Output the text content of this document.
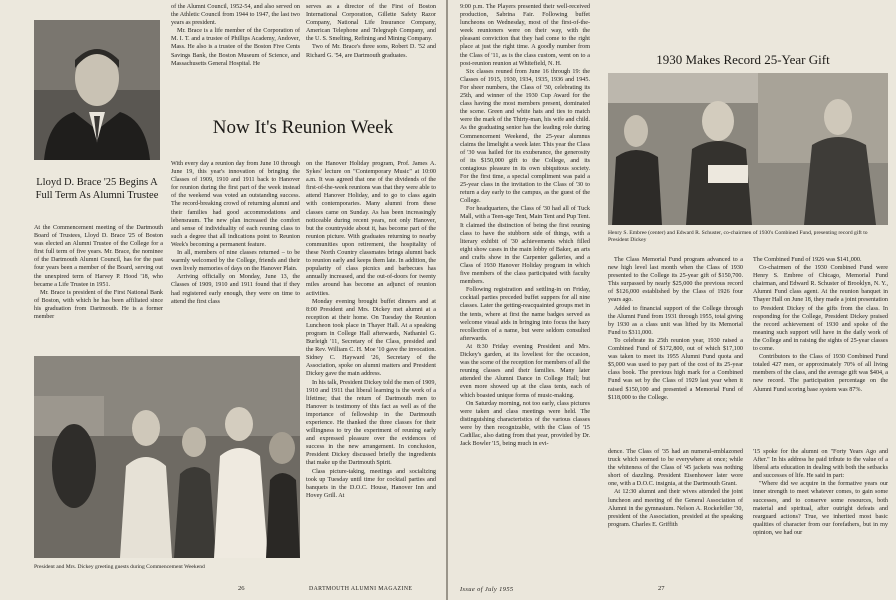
Lloyd D. Brace '25 Begins A Full Term As Alumni Trustee

At the Commencement meeting of the Dartmouth Board of Trustees, Lloyd D. Brace '25 of Boston was elected an Alumni Trustee of the College for a first full term of five years. Mr. Brace, the nominee of the Dartmouth Alumni Council, has for the past four years been a member of the Board, serving out the unexpired term of Harvey P. Hood '18, who became a Life Trustee in 1951.

Mr. Brace is president of the First National Bank of Boston, with which he has been affiliated since his graduation from Dartmouth. He is a former member

of the Alumni Council, 1952-54, and also served on the Athletic Council from 1944 to 1947, the last two years as president.

Mr. Brace is a life member of the Corporation of M. I. T. and a trustee of Phillips Academy, Andover, Mass. He also is a trustee of the Boston Five Cents Savings Bank, the Boston Museum of Science, and Massachusetts General Hospital. He

serves as a director of the First of Boston International Corporation, Gillette Safety Razor Company, National Life Insurance Company, American Telephone and Telegraph Company, and the U. S. Smelting, Refining and Mining Company.

Two of Mr. Brace's three sons, Robert D. '52 and Richard G. '54, are Dartmouth graduates.

Now It's Reunion Week

With every day a reunion day from June 10 through June 19, this year's innovation of bringing the Classes of 1909, 1910 and 1911 back to Hanover for reunion during the first part of the week instead of the weekend was voted an outstanding success. The record-breaking crowd of returning alumni and their families had good accommodations and lebensraum. The new plan increased the comfort and sense of individuality of each reuning class to such a degree that all indications point to Reunion Week's becoming a permanent feature.

In all, members of nine classes returned – to be warmly welcomed by the College, friends and their own lively memories of days on the Hanover Plain.

Arriving officially on Monday, June 13, the Classes of 1909, 1910 and 1911 found that if they had registered early enough, they were on time to attend the first class

on the Hanover Holiday program, Prof. James A. Sykes' lecture on "Contemporary Music" at 10:00 a.m. It was agreed that one of the dividends of the first-of-the-week reunions was that they were able to attend Hanover Holiday, and to go to class again with contemporaries. Many alumni from these classes came on Sunday. As has been increasingly noticeable during recent years, not only Hanover, but the countryside about it, has become part of the reunion picture. With graduates returning to nearby communities upon retirement, the hospitality of these North Country classmates brings alumni back to reunion early and keeps them late. In addition, the popularity of class picnics and barbecues has annually increased, and the out-of-doors for twenty miles around has become an adjunct of reunion activities.

Monday evening brought buffet dinners and at 8:00 President and Mrs. Dickey met alumni at a reception at their home. On Tuesday the Reunion Luncheon took place in Thayer Hall. At a speaking program in College Hall afterwards, Nathaniel G. Burleigh '11, Secretary of the Class, presided and the Rev. William C. H. Moe '10 gave the invocation. Sidney C. Hayward '26, Secretary of the Association, spoke on alumni matters and President Dickey gave the main address.

In his talk, President Dickey told the men of 1909, 1910 and 1911 that liberal learning is the work of a lifetime; that the return of Dartmouth men to Hanover is testimony of this fact as well as of the importance of fellowship in the Dartmouth experience. He thanked the three classes for their willingness to try the experiment of reuning early and expressed pleasure over the evidences of success in the new arrangement. In conclusion, President Dickey discussed briefly the ingredients that make up the Dartmouth Spirit.

Class picture-taking, meetings and socializing took up Tuesday until time for cocktail parties and banquets in the D.O.C. House, Hanover Inn and Hovey Grill. At

President and Mrs. Dickey greeting guests during Commencement Weekend
26	DARTMOUTH ALUMNI MAGAZINE

9:00 p.m. The Players presented their well-received production, Sabrina Fair. Following buffet luncheons on Wednesday, most of the first-of-the-week reunioners were on their way, with the pleasant conviction that they had come to the right place at just the right time. A goodly number from the Class of '11, as is the class custom, went on to a post-reunion reunion at Whitefield, N. H.

Six classes reuned from June 16 through 19: the Classes of 1915, 1930, 1934, 1935, 1936 and 1945. For sheer numbers, the Class of '30, celebrating its 25th, and winner of the 1930 Cup Award for the class having the most members present, dominated the scene. Green and white hats and ties to match were the mark of the Thirty-man, his wife and child. As the graduating senior has the leading role during Commencement Weekend, the 25-year alumnus claims the limelight a week later. This year the Class of '30 was hailed for its exuberance, the generosity of its $150,000 gift to the College, and its contagious pleasure in its own ubiquitous society. For the first time, a special compliment was paid a 25-year class in the invitation to the Class of '30 to return a day early to the campus, as the guest of the College.

For headquarters, the Class of '30 had all of Tuck Mall, with a Teen-age Tent, Main Tent and Pup Tent. It claimed the distinction of being the first reuning class to have the stubborn side of things, with a literary exhibit of '30 achievements which filled eight show cases in the main lobby of Baker, an arts and crafts show in the Carpenter galleries, and a Class of 1930 Hanover Holiday program in which five members of the class participated with faculty members.

Following registration and settling-in on Friday, cocktail parties preceded buffet suppers for all nine classes. Later the getting-reacquainted groups met in the tents, where at first the name badges served as welcome visual aids in bringing into focus the hazy recollection of a name, but were seldom consulted afterwards.

At 8:30 Friday evening President and Mrs. Dickey's garden, at its loveliest for the occasion, was the scene of the reception for members of all the reuning classes and their families. Many later attended the Alumni Dance in College Hall; but even more showed up at the class tents, each of which boasted unique forms of music-making.

On Saturday morning, not too early, class pictures were taken and class meetings were held. The distinguishing characteristics of the various classes were by then recognizable, with the Class of '15 Cadillac, also dating from that year, provided by Dr. Jack Bowler '15, being much in evi-

1930 Makes Record 25-Year Gift
Henry S. Embree (center) and Edward R. Schuster, co-chairmen of 1930's Combined Fund, presenting record gift to President Dickey

The Class Memorial Fund program advanced to a new high level last month when the Class of 1930 presented to the College its 25-year gift of $150,700. This surpassed by nearly $25,000 the previous record of $126,000 established by the Class of 1926 four years ago.

Added to financial support of the College through the Alumni Fund from 1931 through 1955, total giving by 1930 as a class unit was lifted by its Memorial Fund to $311,000.

To celebrate its 25th reunion year, 1930 raised a Combined Fund of $172,800, out of which $17,100 was taken to meet its 1955 Alumni Fund quota and $5,000 was used to pay part of the cost of its 25-year class book. The previous high mark for a Combined Fund was set by the Class of 1929 last year when it raised $150,100 and presented a Memorial Fund of $118,000 to the College.

The Combined Fund of 1926 was $141,000.

Co-chairmen of the 1930 Combined Fund were Henry S. Embree of Chicago, Memorial Fund chairman, and Edward R. Schuster of Brooklyn, N. Y., Alumni Fund class agent. At the reunion banquet in Thayer Hall on June 18, they made a joint presentation to President Dickey of the gifts from the class. In responding for the College, President Dickey praised the record achievement of 1930 and spoke of the meaning such support will have in the daily work of the College and in raising the sights of 25-year classes to come.

Contributors to the Class of 1930 Combined Fund totaled 427 men, or approximately 70% of all living members of the class, and the average gift was $404, a new record. The participation percentage on the Alumni Fund scoring base system was 87%.

dence. The Class of '35 had an numeral-emblazoned truck which seemed to be everywhere at once; while the whiteness of the Class of '45 jackets was nothing short of dazzling. President Eisenhower later wore one, with a D.O.C. insignia, at the Dartmouth Grant.

At 12:30 alumni and their wives attended the joint luncheon and meeting of the General Association of Alumni in the gymnasium. Nelson A. Rockefeller '30, president of the Association, presided at the speaking program. Charles E. Griffith

'15 spoke for the alumni on "Forty Years Ago and After." In his address he paid tribute to the value of a liberal arts education in dealing with both the setbacks and successes of life. He said in part:

"Where did we acquire in the formative years our inner strength to meet whatever comes, to gain some successes, and to conserve some resources, both material and spiritual, after outright defeats and rearguard actions? True, we inherited most basic qualities of character from our forefathers, but in my opinion, we had our

Issue of July 1955	27
